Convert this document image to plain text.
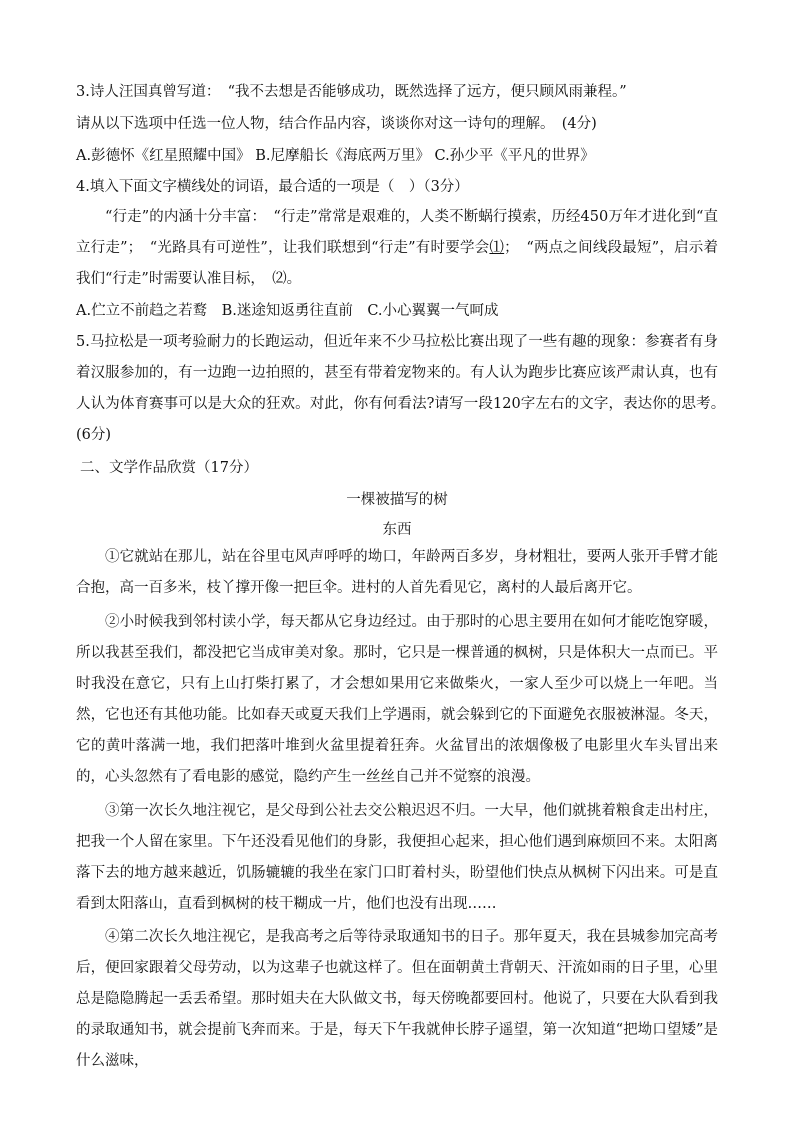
3.诗人汪国真曾写道：　“我不去想是否能够成功，既然选择了远方，便只顾风雨兼程。”
请从以下选项中任选一位人物，结合作品内容，谈谈你对这一诗句的理解。　(4分)
A.彭德怀《红星照耀中国》 B.尼摩船长《海底两万里》 C.孙少平《平凡的世界》
4.填入下面文字横线处的词语，最合适的一项是（　）（3分）
“行走”的内涵十分丰富：　“行走”常常是艰难的，人类不断蜗行摸索，历经450万年才进化到“直立行走”；　“光路具有可逆性”，让我们联想到“行走”有时要学会⑴；　“两点之间线段最短”，启示着我们“行走”时需要认准目标，　⑵。
A.伫立不前趋之若鹜　B.迷途知返勇往直前　C.小心翼翼一气呵成
5.马拉松是一项考验耐力的长跑运动，但近年来不少马拉松比赛出现了一些有趣的现象：参赛者有身着汉服参加的，有一边跑一边拍照的，甚至有带着宠物来的。有人认为跑步比赛应该严肃认真，也有人认为体育赛事可以是大众的狂欢。对此，你有何看法?请写一段120字左右的文字，表达你的思考。　(6分)
二、文学作品欣赏（17分）
一棵被描写的树
东西
①它就站在那儿，站在谷里屯风声呼呼的坳口，年龄两百多岁，身材粗壮，要两人张开手臂才能合抱，高一百多米，枝丫撑开像一把巨伞。进村的人首先看见它，离村的人最后离开它。
②小时候我到邻村读小学，每天都从它身边经过。由于那时的心思主要用在如何才能吃饱穿暖，所以我甚至我们，都没把它当成审美对象。那时，它只是一棵普通的枫树，只是体积大一点而已。平时我没在意它，只有上山打柴打累了，才会想如果用它来做柴火，一家人至少可以烧上一年吧。当然，它也还有其他功能。比如春天或夏天我们上学遇雨，就会躲到它的下面避免衣服被淋湿。冬天，它的黄叶落满一地，我们把落叶堆到火盆里提着狂奔。火盆冒出的浓烟像极了电影里火车头冒出来的，心头忽然有了看电影的感觉，隐约产生一丝丝自己并不觉察的浪漫。
③第一次长久地注视它，是父母到公社去交公粮迟迟不归。一大早，他们就挑着粮食走出村庄，把我一个人留在家里。下午还没看见他们的身影，我便担心起来，担心他们遇到麻烦回不来。太阳离落下去的地方越来越近，饥肠辘辘的我坐在家门口盯着村头，盼望他们快点从枫树下闪出来。可是直看到太阳落山，直看到枫树的枝干糊成一片，他们也没有出现……
④第二次长久地注视它，是我高考之后等待录取通知书的日子。那年夏天，我在县城参加完高考后，便回家跟着父母劳动，以为这辈子也就这样了。但在面朝黄土背朝天、汗流如雨的日子里，心里总是隐隐腾起一丢丢希望。那时姐夫在大队做文书，每天傍晚都要回村。他说了，只要在大队看到我的录取通知书，就会提前飞奔而来。于是，每天下午我就伸长脖子遥望，第一次知道“把坳口望矮”是什么滋味，
